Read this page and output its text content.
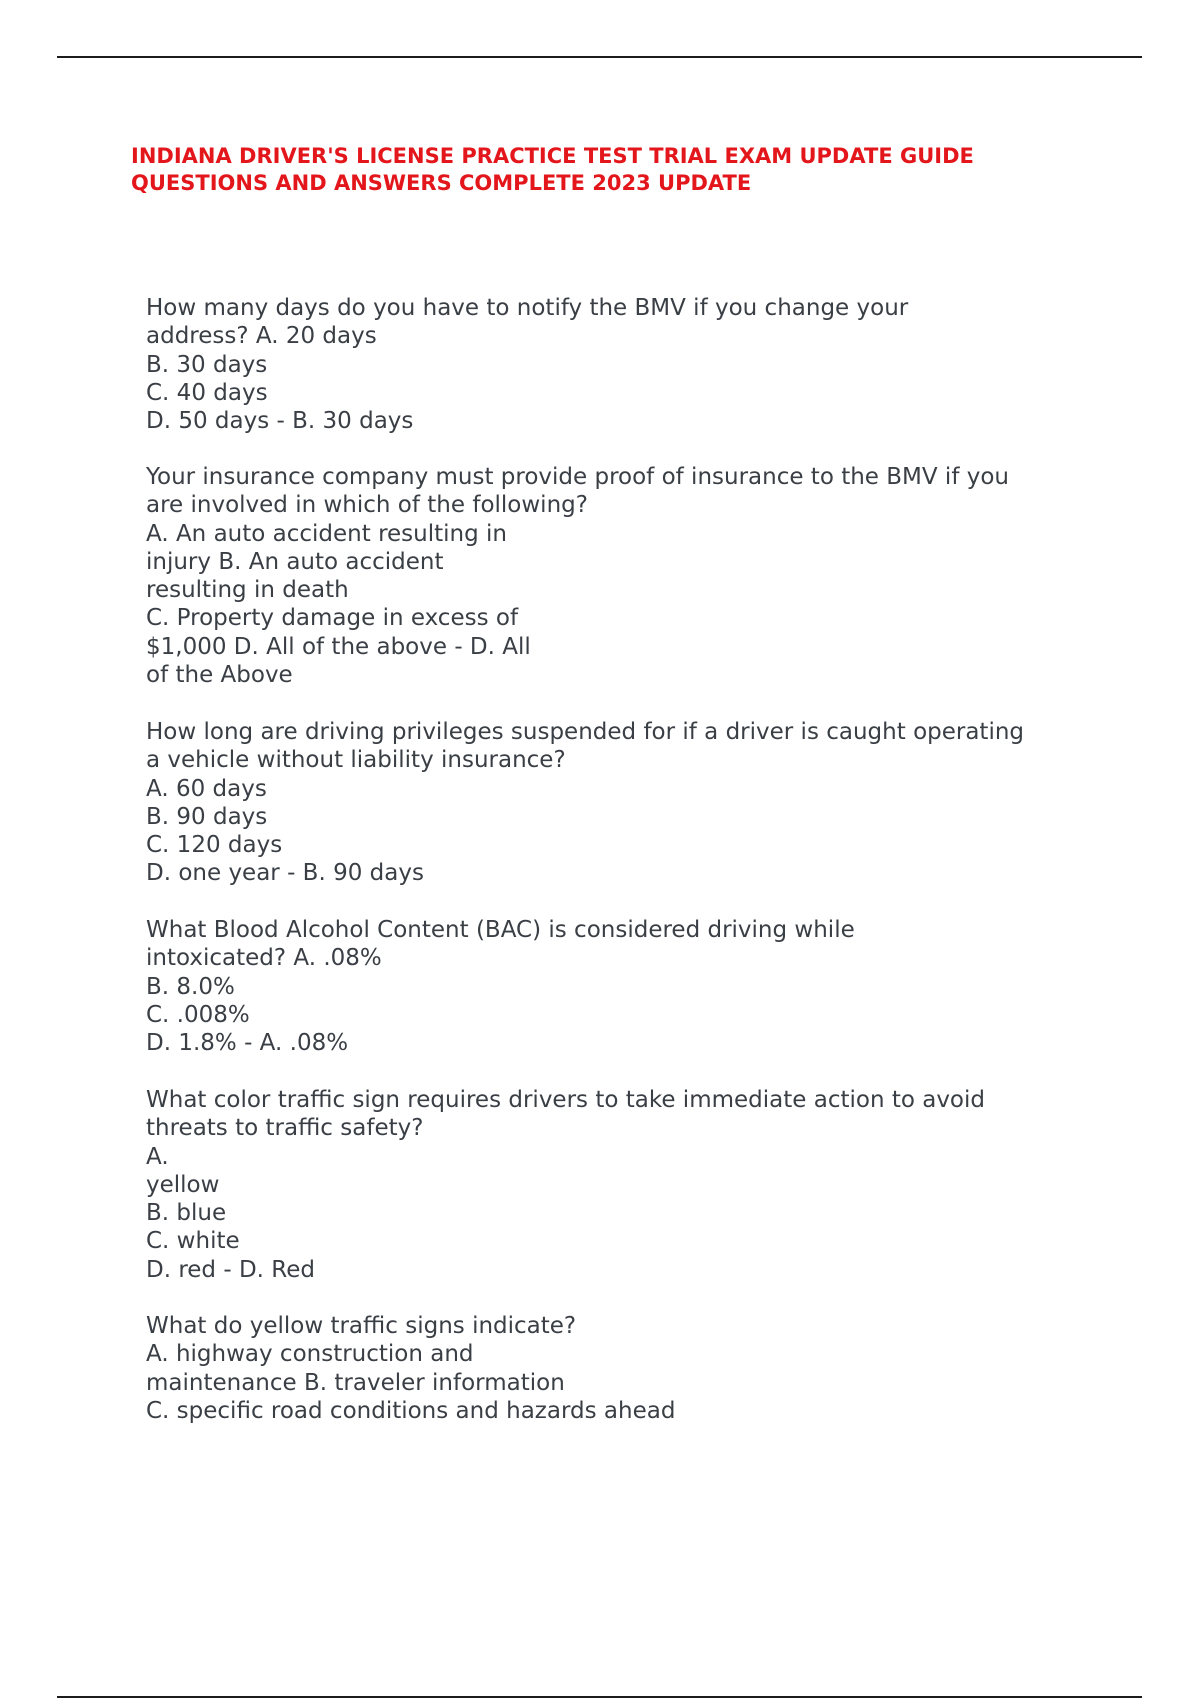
INDIANA DRIVER'S LICENSE PRACTICE TEST TRIAL EXAM UPDATE GUIDE
QUESTIONS AND ANSWERS COMPLETE 2023 UPDATE
How many days do you have to notify the BMV if you change your
address? A. 20 days
B. 30 days
C. 40 days
D. 50 days - B. 30 days
Your insurance company must provide proof of insurance to the BMV if you
are involved in which of the following?
A. An auto accident resulting in
injury B. An auto accident
resulting in death
C. Property damage in excess of
$1,000 D. All of the above - D. All
of the Above
How long are driving privileges suspended for if a driver is caught operating
a vehicle without liability insurance?
A. 60 days
B. 90 days
C. 120 days
D. one year - B. 90 days
What Blood Alcohol Content (BAC) is considered driving while
intoxicated? A. .08%
B. 8.0%
C. .008%
D. 1.8% - A. .08%
What color traffic sign requires drivers to take immediate action to avoid
threats to traffic safety?
A.
yellow
B. blue
C. white
D. red - D. Red
What do yellow traffic signs indicate?
A. highway construction and
maintenance B. traveler information
C. specific road conditions and hazards ahead
